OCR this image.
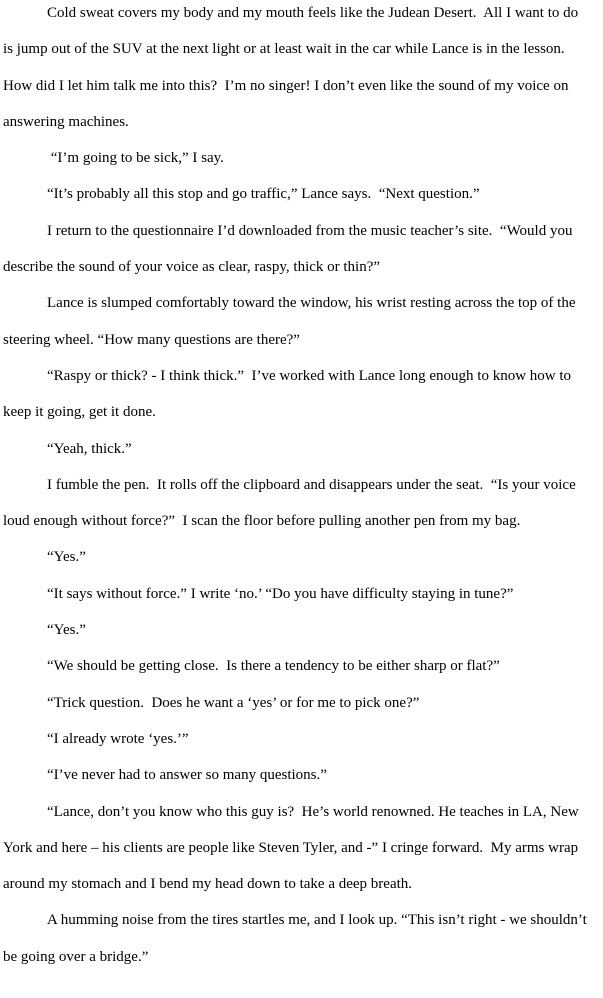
Cold sweat covers my body and my mouth feels like the Judean Desert.  All I want to do
is jump out of the SUV at the next light or at least wait in the car while Lance is in the lesson.
How did I let him talk me into this?  I’m no singer! I don’t even like the sound of my voice on
answering machines.
“I’m going to be sick,” I say.
“It’s probably all this stop and go traffic,” Lance says.  “Next question.”
I return to the questionnaire I’d downloaded from the music teacher’s site.  “Would you
describe the sound of your voice as clear, raspy, thick or thin?”
Lance is slumped comfortably toward the window, his wrist resting across the top of the
steering wheel. “How many questions are there?”
“Raspy or thick? - I think thick.”  I’ve worked with Lance long enough to know how to
keep it going, get it done.
“Yeah, thick.”
I fumble the pen.  It rolls off the clipboard and disappears under the seat.  “Is your voice
loud enough without force?”  I scan the floor before pulling another pen from my bag.
“Yes.”
“It says without force.” I write ‘no.’ “Do you have difficulty staying in tune?”
“Yes.”
“We should be getting close.  Is there a tendency to be either sharp or flat?”
“Trick question.  Does he want a ‘yes’ or for me to pick one?”
“I already wrote ‘yes.’”
“I’ve never had to answer so many questions.”
“Lance, don’t you know who this guy is?  He’s world renowned. He teaches in LA, New
York and here – his clients are people like Steven Tyler, and -” I cringe forward.  My arms wrap
around my stomach and I bend my head down to take a deep breath.
A humming noise from the tires startles me, and I look up. “This isn’t right - we shouldn’t
be going over a bridge.”
